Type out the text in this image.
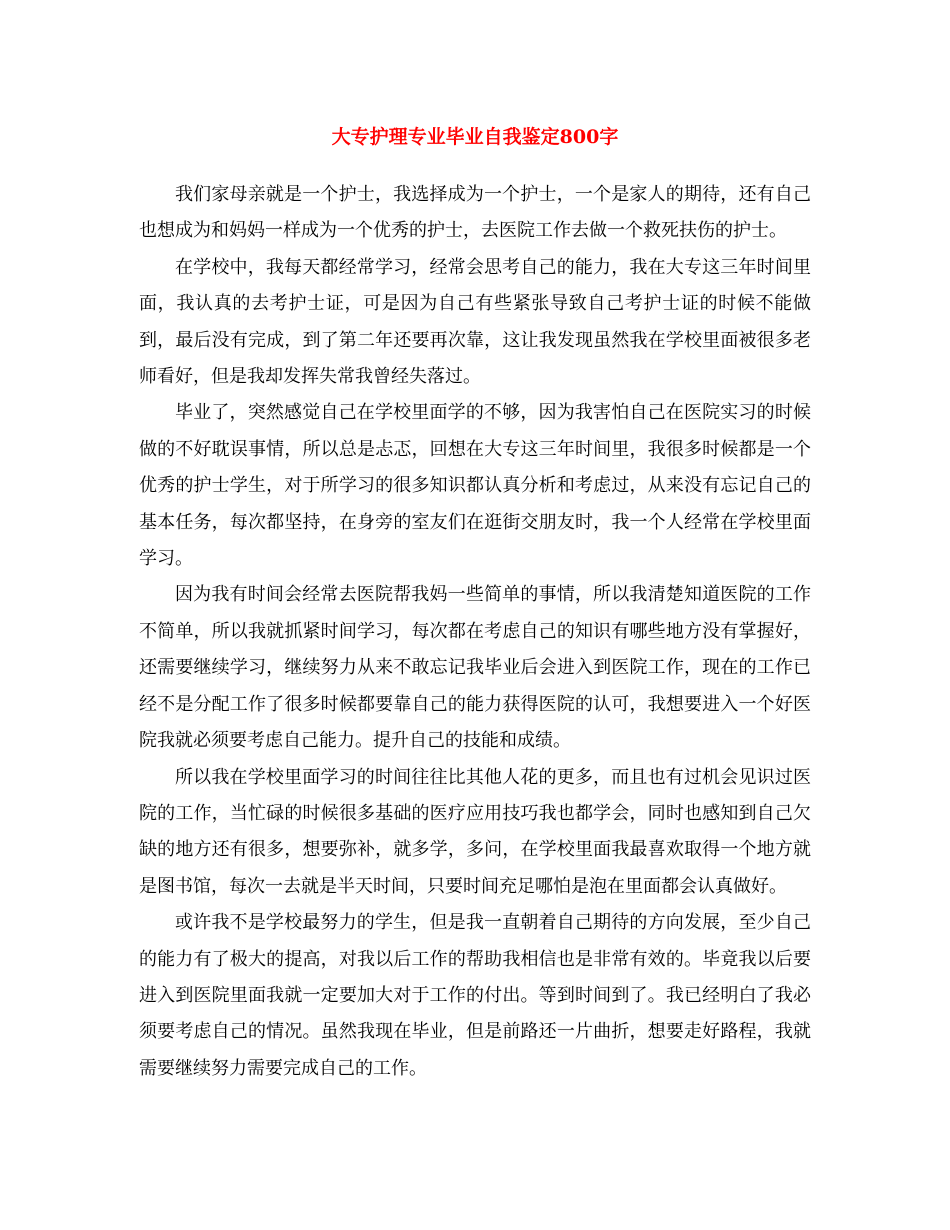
大专护理专业毕业自我鉴定800字

我们家母亲就是一个护士，我选择成为一个护士，一个是家人的期待，还有自己也想成为和妈妈一样成为一个优秀的护士，去医院工作去做一个救死扶伤的护士。

在学校中，我每天都经常学习，经常会思考自己的能力，我在大专这三年时间里面，我认真的去考护士证，可是因为自己有些紧张导致自己考护士证的时候不能做到，最后没有完成，到了第二年还要再次靠，这让我发现虽然我在学校里面被很多老师看好，但是我却发挥失常我曾经失落过。

毕业了，突然感觉自己在学校里面学的不够，因为我害怕自己在医院实习的时候做的不好耽误事情，所以总是忐忑，回想在大专这三年时间里，我很多时候都是一个优秀的护士学生，对于所学习的很多知识都认真分析和考虑过，从来没有忘记自己的基本任务，每次都坚持，在身旁的室友们在逛街交朋友时，我一个人经常在学校里面学习。

因为我有时间会经常去医院帮我妈一些简单的事情，所以我清楚知道医院的工作不简单，所以我就抓紧时间学习，每次都在考虑自己的知识有哪些地方没有掌握好，还需要继续学习，继续努力从来不敢忘记我毕业后会进入到医院工作，现在的工作已经不是分配工作了很多时候都要靠自己的能力获得医院的认可，我想要进入一个好医院我就必须要考虑自己能力。提升自己的技能和成绩。

所以我在学校里面学习的时间往往比其他人花的更多，而且也有过机会见识过医院的工作，当忙碌的时候很多基础的医疗应用技巧我也都学会，同时也感知到自己欠缺的地方还有很多，想要弥补，就多学，多问，在学校里面我最喜欢取得一个地方就是图书馆，每次一去就是半天时间，只要时间充足哪怕是泡在里面都会认真做好。

或许我不是学校最努力的学生，但是我一直朝着自己期待的方向发展，至少自己的能力有了极大的提高，对我以后工作的帮助我相信也是非常有效的。毕竟我以后要进入到医院里面我就一定要加大对于工作的付出。等到时间到了。我已经明白了我必须要考虑自己的情况。虽然我现在毕业，但是前路还一片曲折，想要走好路程，我就需要继续努力需要完成自己的工作。
